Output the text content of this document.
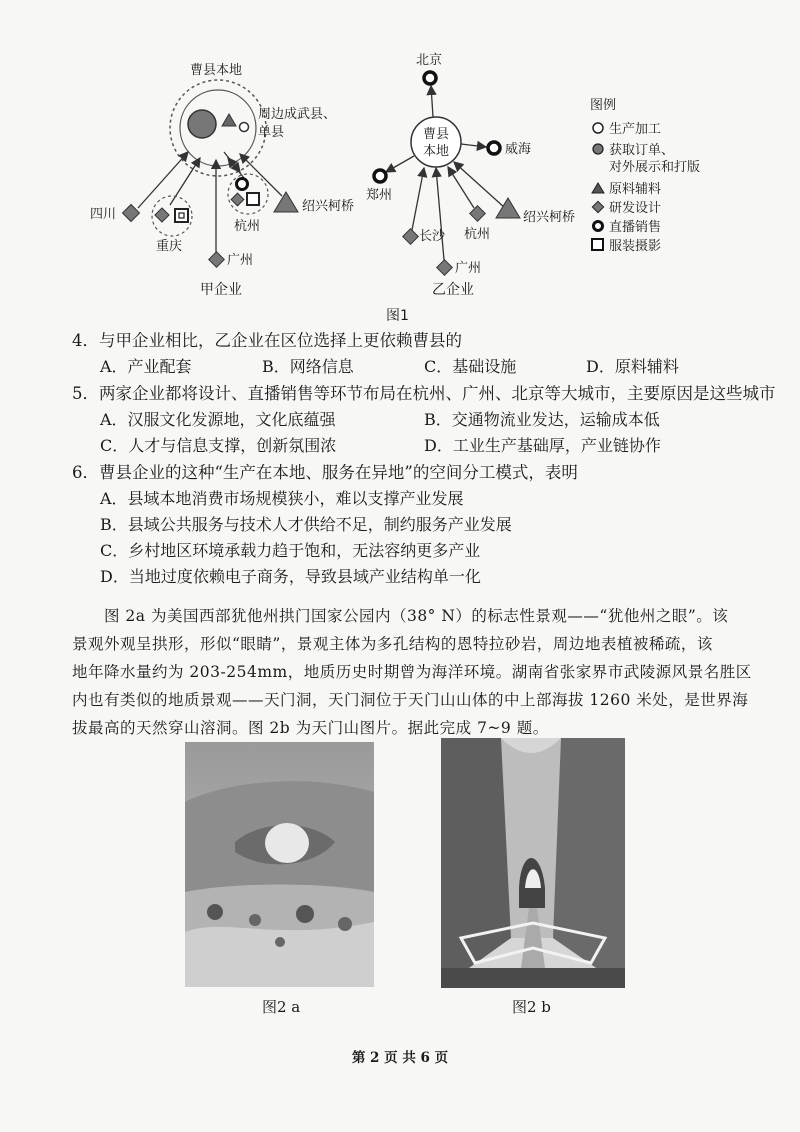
曹县本地
周边成武县、
单县
四川
重庆
杭州
绍兴柯桥
广州
甲企业
曹县
本地
北京
威海
郑州
长沙 杭州
绍兴柯桥
广州
乙企业
图例
生产加工
获取订单、
对外展示和打版
原料辅料
研发设计
直播销售
服装摄影
图1
4．与甲企业相比，乙企业在区位选择上更依赖曹县的
A．产业配套	B．网络信息	C．基础设施	D．原料辅料
5．两家企业都将设计、直播销售等环节布局在杭州、广州、北京等大城市，主要原因是这些城市
A．汉服文化发源地，文化底蕴强	B．交通物流业发达，运输成本低
C．人才与信息支撑，创新氛围浓	D．工业生产基础厚，产业链协作
6．曹县企业的这种“生产在本地、服务在异地”的空间分工模式，表明
A．县域本地消费市场规模狭小，难以支撑产业发展
B．县域公共服务与技术人才供给不足，制约服务产业发展
C．乡村地区环境承载力趋于饱和，无法容纳更多产业
D．当地过度依赖电子商务，导致县域产业结构单一化
图 2a 为美国西部犹他州拱门国家公园内（38° N）的标志性景观——“犹他州之眼”。该
景观外观呈拱形，形似“眼睛”，景观主体为多孔结构的恩特拉砂岩，周边地表植被稀疏，该
地年降水量约为 203-254mm，地质历史时期曾为海洋环境。湖南省张家界市武陵源风景名胜区
内也有类似的地质景观——天门洞，天门洞位于天门山山体的中上部海拔 1260 米处，是世界海
拔最高的天然穿山溶洞。图 2b 为天门山图片。据此完成 7~9 题。
图2 a	图2 b
第 2 页 共 6 页
